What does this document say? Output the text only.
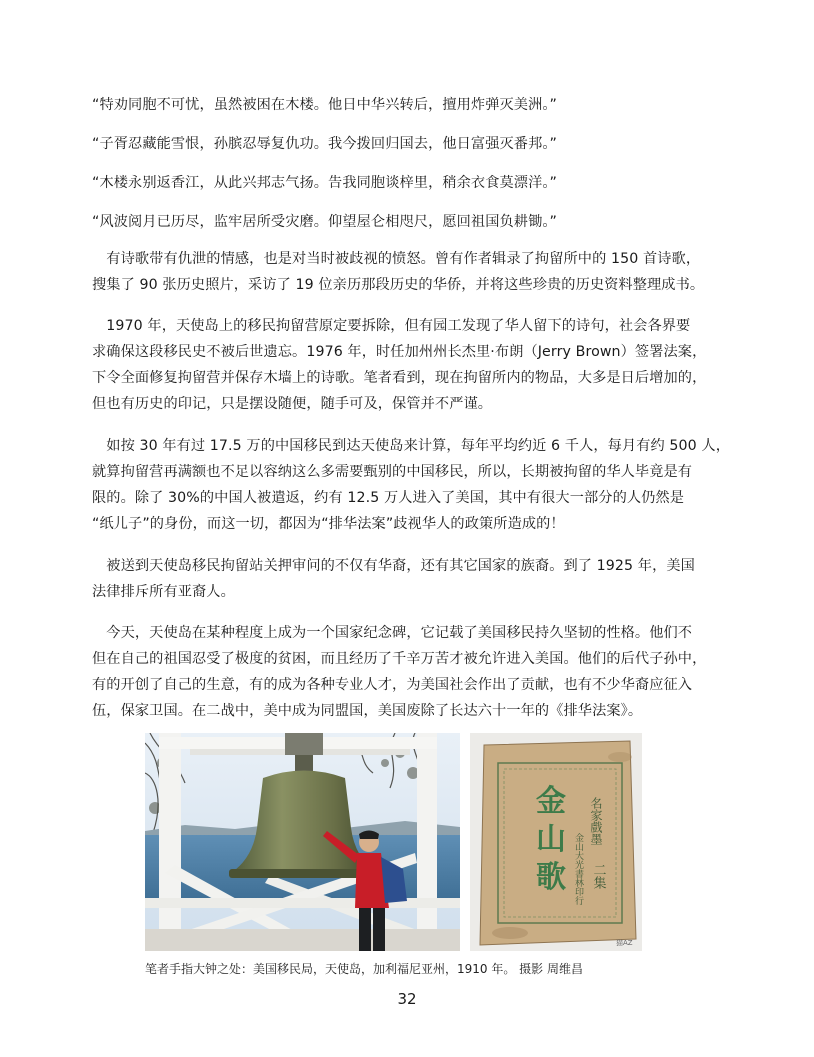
“特劝同胞不可忧，虽然被困在木楼。他日中华兴转后，擅用炸弹灭美洲。”
“子胥忍藏能雪恨，孙膑忍辱复仇功。我今拨回归国去，他日富强灭番邦。”
“木楼永别返香江，从此兴邦志气扬。告我同胞谈梓里，稍余衣食莫漂洋。”
“风波阅月已历尽，监牢居所受灾磨。仰望屋仑相咫尺，愿回祖国负耕锄。”
　有诗歌带有仇泄的情感，也是对当时被歧视的愤怒。曾有作者辑录了拘留所中的 150 首诗歌，
搜集了 90 张历史照片，采访了 19 位亲历那段历史的华侨，并将这些珍贵的历史资料整理成书。
　1970 年，天使岛上的移民拘留营原定要拆除，但有园工发现了华人留下的诗句，社会各界要
求确保这段移民史不被后世遗忘。1976 年，时任加州州长杰里·布朗（Jerry Brown）签署法案，
下令全面修复拘留营并保存木墙上的诗歌。笔者看到，现在拘留所内的物品，大多是日后增加的，
但也有历史的印记，只是摆设随便，随手可及，保管并不严谨。
　如按 30 年有过 17.5 万的中国移民到达天使岛来计算，每年平均约近 6 千人，每月有约 500 人，
就算拘留营再满额也不足以容纳这么多需要甄别的中国移民，所以，长期被拘留的华人毕竟是有
限的。除了 30%的中国人被遣返，约有 12.5 万人进入了美国，其中有很大一部分的人仍然是
“纸儿子”的身份，而这一切，都因为“排华法案”歧视华人的政策所造成的！
　被送到天使岛移民拘留站关押审问的不仅有华裔，还有其它国家的族裔。到了 1925 年，美国
法律排斥所有亚裔人。
　今天，天使岛在某种程度上成为一个国家纪念碑，它记载了美国移民持久坚韧的性格。他们不
但在自己的祖国忍受了极度的贫困，而且经历了千辛万苦才被允许进入美国。他们的后代子孙中，
有的开创了自己的生意，有的成为各种专业人才，为美国社会作出了贡献，也有不少华裔应征入
伍，保家卫国。在二战中，美中成为同盟国，美国废除了长达六十一年的《排华法案》。
金
山
歌
名家戲墨
二集
金山大光書林印行
猫AZ
笔者手指大钟之处：美国移民局，天使岛，加利福尼亚州，1910 年。 摄影 周维昌
32
